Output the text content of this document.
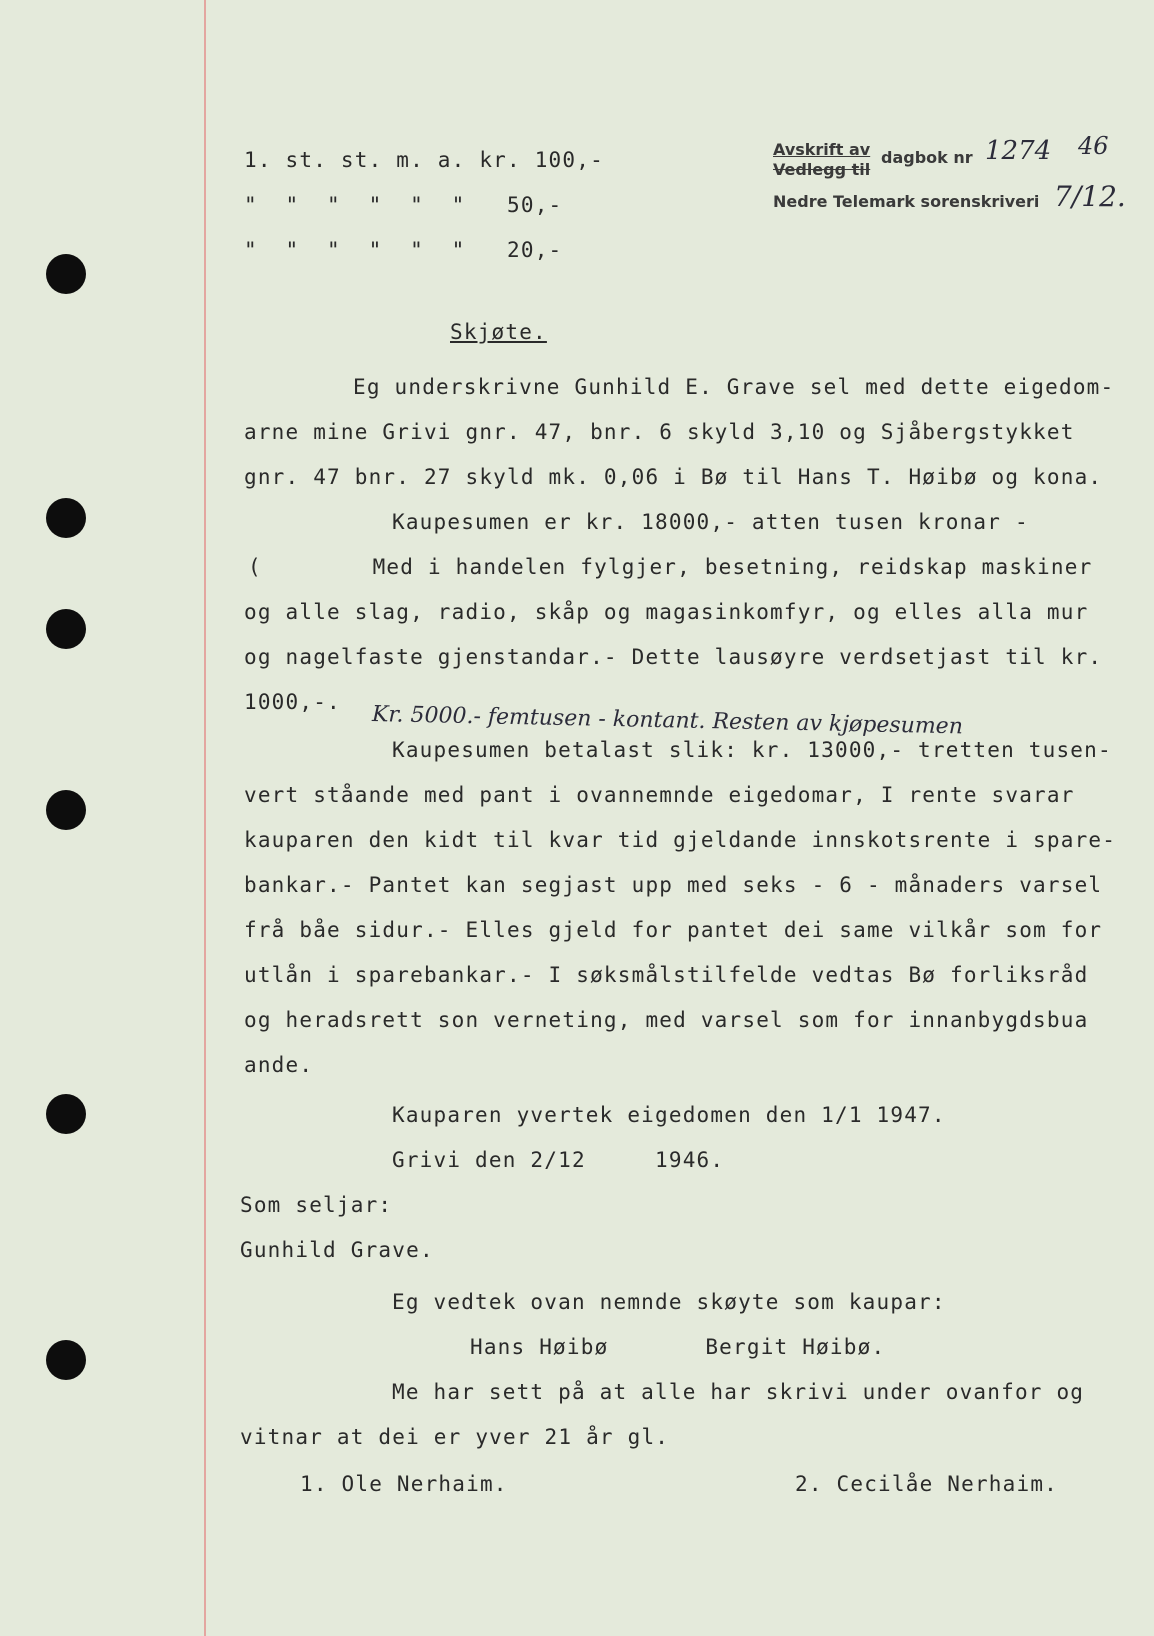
1. st. st. m. a. kr. 100,-
"  "  "  "  "  "   50,-
"  "  "  "  "  "   20,-
Avskrift av dagbok nr
Vedlegg til
Nedre Telemark sorenskriveri
1274 46
7/12.
Skjøte.
Eg underskrivne Gunhild E. Grave sel med dette eigedom-
arne mine Grivi gnr. 47, bnr. 6 skyld 3,10 og Sjåbergstykket
gnr. 47 bnr. 27 skyld mk. 0,06 i Bø til Hans T. Høibø og kona.
Kaupesumen er kr. 18000,- atten tusen kronar -
(        Med i handelen fylgjer, besetning, reidskap maskiner
og alle slag, radio, skåp og magasinkomfyr, og elles alla mur
og nagelfaste gjenstandar.- Dette lausøyre verdsetjast til kr.
1000,-.
Kr. 5000.- femtusen - kontant. Resten av kjøpesumen
Kaupesumen betalast slik: kr. 13000,- tretten tusen-
vert ståande med pant i ovannemnde eigedomar, I rente svarar
kauparen den kidt til kvar tid gjeldande innskotsrente i spare-
bankar.- Pantet kan segjast upp med seks - 6 - månaders varsel
frå båe sidur.- Elles gjeld for pantet dei same vilkår som for
utlån i sparebankar.- I søksmålstilfelde vedtas Bø forliksråd
og heradsrett son verneting, med varsel som for innanbygdsbua
ande.
Kauparen yvertek eigedomen den 1/1 1947.
Grivi den 2/12     1946.
Som seljar:
Gunhild Grave.
Eg vedtek ovan nemnde skøyte som kaupar:
Hans Høibø       Bergit Høibø.
Me har sett på at alle har skrivi under ovanfor og
vitnar at dei er yver 21 år gl.
1. Ole Nerhaim.	2. Cecilåe Nerhaim.
